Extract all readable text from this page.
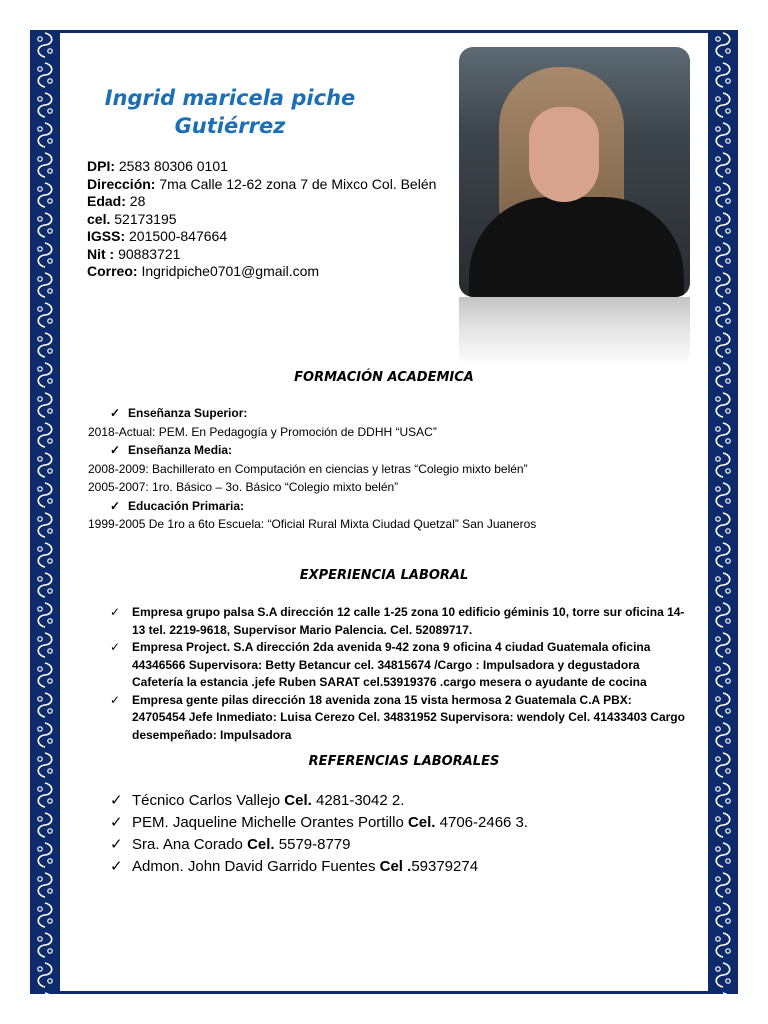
Ingrid maricela piche
Gutiérrez
DPI: 2583 80306 0101
Dirección: 7ma Calle 12-62 zona 7 de Mixco Col. Belén
Edad: 28
cel. 52173195
IGSS: 201500-847664
Nit : 90883721
Correo: Ingridpiche0701@gmail.com
FORMACIÓN ACADEMICA
✓ Enseñanza Superior:
2018-Actual: PEM. En Pedagogía y Promoción de DDHH “USAC”
✓ Enseñanza Media:
2008-2009: Bachillerato en Computación en ciencias y letras “Colegio mixto belén”
2005-2007: 1ro. Básico – 3o. Básico “Colegio mixto belén”
✓ Educación Primaria:
1999-2005 De 1ro a 6to Escuela: “Oficial Rural Mixta Ciudad Quetzal” San Juaneros
EXPERIENCIA LABORAL
✓ Empresa grupo palsa S.A dirección 12 calle 1-25 zona 10 edificio géminis 10, torre sur oficina 14-13 tel. 2219-9618, Supervisor Mario Palencia. Cel. 52089717.
✓ Empresa Project. S.A dirección 2da avenida 9-42 zona 9 oficina 4 ciudad Guatemala oficina 44346566 Supervisora: Betty Betancur cel. 34815674 /Cargo : Impulsadora y degustadora Cafetería la estancia .jefe Ruben SARAT cel.53919376 .cargo mesera o ayudante de cocina
✓ Empresa gente pilas dirección 18 avenida zona 15 vista hermosa 2 Guatemala C.A PBX: 24705454 Jefe Inmediato: Luisa Cerezo Cel. 34831952 Supervisora: wendoly Cel. 41433403 Cargo desempeñado: Impulsadora
REFERENCIAS LABORALES
✓ Técnico Carlos Vallejo Cel. 4281-3042 2.
✓ PEM. Jaqueline Michelle Orantes Portillo Cel. 4706-2466 3.
✓ Sra. Ana Corado Cel. 5579-8779
✓ Admon. John David Garrido Fuentes Cel .59379274
